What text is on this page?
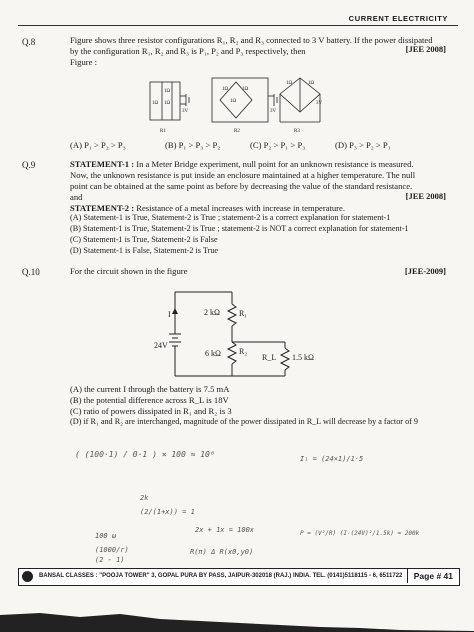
CURRENT ELECTRICITY
Q.8	Figure shows three resistor configurations R₁, R₂ and R₃ connected to 3 V battery. If the power dissipated
by the configuration R₁, R₂ and R₃ is P₁, P₂ and P₃ respectively, then	[JEE 2008]
Figure :
1Ω
1Ω
1Ω
3V
R1
1Ω	1Ω
1Ω
3V
R2
1Ω	1Ω
3V
R3
(A) P₁ > P₂ > P₃	(B) P₁ > P₃ > P₂	(C) P₂ > P₁ > P₃	(D) P₃ > P₂ > P₁
Q.9	STATEMENT-1 : In a Meter Bridge experiment, null point for an unknown resistance is measured.
Now, the unknown resistance is put inside an enclosure maintained at a higher temperature. The null
point can be obtained at the same point as before by decreasing the value of the standard resistance.
and	[JEE 2008]
STATEMENT-2 : Resistance of a metal increases with increase in temperature.
(A) Statement-1 is True, Statement-2 is True ; statement-2 is a correct explanation for statement-1
(B) Statement-1 is True, Statement-2 is True ; statement-2 is NOT a correct explanation for statement-1
(C) Statement-1 is True, Statement-2 is False
(D) Statement-1 is False, Statement-2 is True
Q.10	For the circuit shown in the figure	[JEE-2009]
I	2 kΩ R₁
24V
6 kΩ R₂
R_L 1.5 kΩ
(A) the current I through the battery is 7.5 mA
(B) the potential difference across R_L is 18V
(C) ratio of powers dissipated in R₁ and R₂ is 3
(D) if R₁ and R₂ are interchanged, magnitude of the power dissipated in R_L will decrease by a factor of 9
( (100·1) / 0·1 ) × 100 ≈ 10⁶	Iₗ = (24×1)/1·5
(2/(1+x)) = 1
2x + 1x = 100x	P = (V²/R) (I·(24V)²/1.5k) = 200k
100 ω
(1000/r)
(2 - 1)
R(π) Δ R(x0,y0)
2k
BANSAL CLASSES : "POOJA TOWER" 3, GOPAL PURA BY PASS, JAIPUR-302018 (RAJ.) INDIA. TEL. (0141)5118115 - 6, 6511722	Page # 41
